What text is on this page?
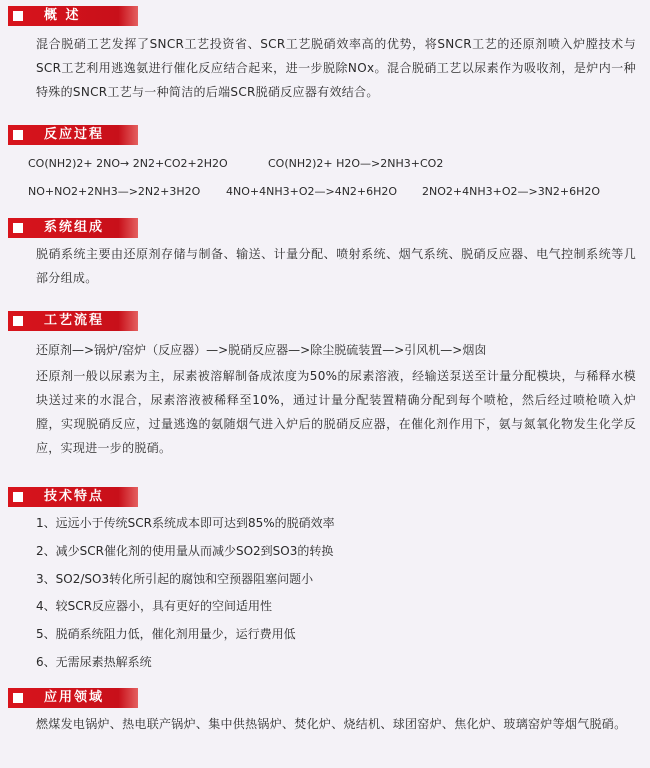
概 述
混合脱硝工艺发挥了SNCR工艺投资省、SCR工艺脱硝效率高的优势，将SNCR工艺的还原剂喷入炉膛技术与SCR工艺利用逃逸氨进行催化反应结合起来，进一步脱除NOx。混合脱硝工艺以尿素作为吸收剂，是炉内一种特殊的SNCR工艺与一种简洁的后端SCR脱硝反应器有效结合。
反应过程
CO(NH2)2+ 2NO→ 2N2+CO2+2H2O	CO(NH2)2+ H2O—>2NH3+CO2
NO+NO2+2NH3—>2N2+3H2O 4NO+4NH3+O2—>4N2+6H2O 2NO2+4NH3+O2—>3N2+6H2O
系统组成
脱硝系统主要由还原剂存储与制备、输送、计量分配、喷射系统、烟气系统、脱硝反应器、电气控制系统等几部分组成。
工艺流程
还原剂—>锅炉/窑炉（反应器）—>脱硝反应器—>除尘脱硫装置—>引风机—>烟囱
还原剂一般以尿素为主，尿素被溶解制备成浓度为50%的尿素溶液，经输送泵送至计量分配模块，与稀释水模块送过来的水混合，尿素溶液被稀释至10%，通过计量分配装置精确分配到每个喷枪，然后经过喷枪喷入炉膛，实现脱硝反应，过量逃逸的氨随烟气进入炉后的脱硝反应器，在催化剂作用下，氨与氮氧化物发生化学反应，实现进一步的脱硝。
技术特点
1、远远小于传统SCR系统成本即可达到85%的脱硝效率
2、减少SCR催化剂的使用量从而减少SO2到SO3的转换
3、SO2/SO3转化所引起的腐蚀和空预器阻塞问题小
4、较SCR反应器小，具有更好的空间适用性
5、脱硝系统阻力低，催化剂用量少，运行费用低
6、无需尿素热解系统
应用领域
燃煤发电锅炉、热电联产锅炉、集中供热锅炉、焚化炉、烧结机、球团窑炉、焦化炉、玻璃窑炉等烟气脱硝。
